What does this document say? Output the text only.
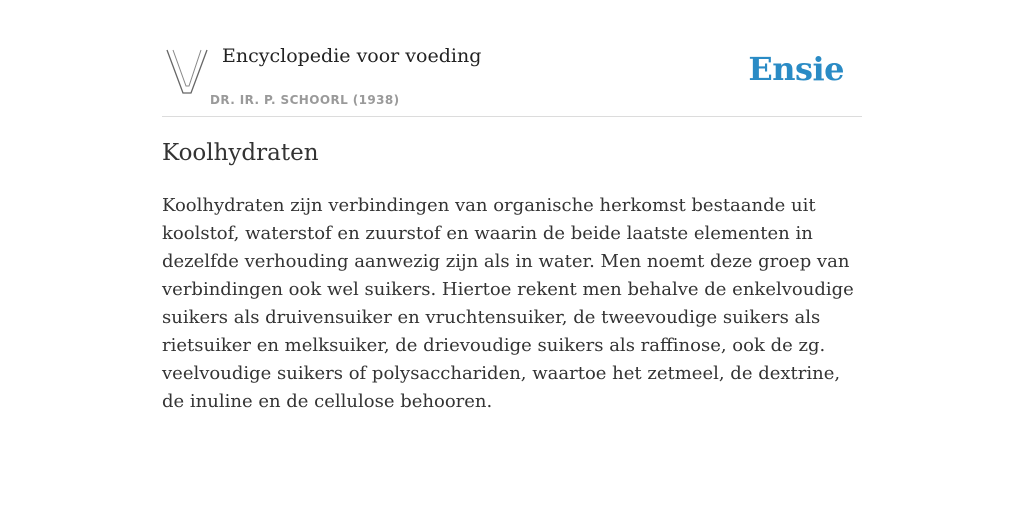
Encyclopedie voor voeding
DR. IR. P. SCHOORL (1938)
Ensie
Koolhydraten

Koolhydraten zijn verbindingen van organische herkomst bestaande uit koolstof, waterstof en zuurstof en waarin de beide laatste elementen in dezelfde verhouding aanwezig zijn als in water. Men noemt deze groep van verbindingen ook wel suikers. Hiertoe rekent men behalve de enkelvoudige suikers als druivensuiker en vruchtensuiker, de tweevoudige suikers als rietsuiker en melksuiker, de drievoudige suikers als raffinose, ook de zg. veelvoudige suikers of polysacchariden, waartoe het zetmeel, de dextrine, de inuline en de cellulose behooren.
